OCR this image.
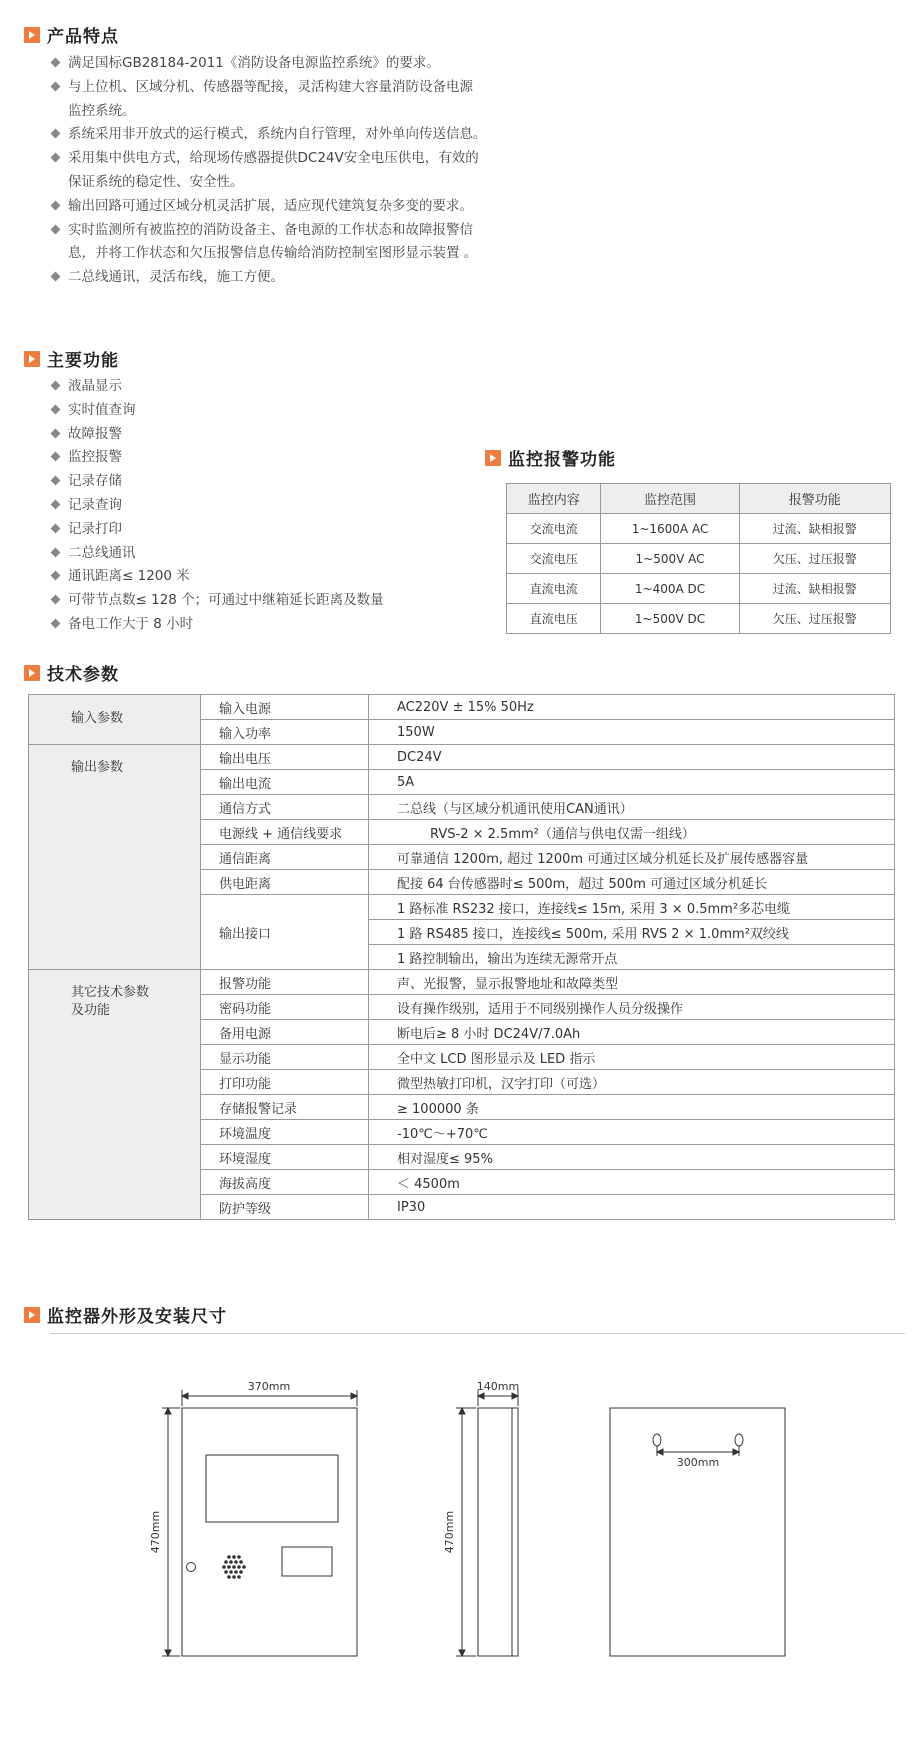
产品特点
满足国标GB28184-2011《消防设备电源监控系统》的要求。
与上位机、区域分机、传感器等配接，灵活构建大容量消防设备电源
监控系统。
系统采用非开放式的运行模式，系统内自行管理，对外单向传送信息。
采用集中供电方式，给现场传感器提供DC24V安全电压供电，有效的
保证系统的稳定性、安全性。
输出回路可通过区域分机灵活扩展，适应现代建筑复杂多变的要求。
实时监测所有被监控的消防设备主、备电源的工作状态和故障报警信
息，并将工作状态和欠压报警信息传输给消防控制室图形显示装置 。
二总线通讯，灵活布线，施工方便。
主要功能
液晶显示
实时值查询
故障报警
监控报警
记录存储
记录查询
记录打印
二总线通讯
通讯距离≤ 1200 米
可带节点数≤ 128 个；可通过中继箱延长距离及数量
备电工作大于 8 小时
监控报警功能
监控内容	监控范围	报警功能
交流电流	1~1600A AC	过流、缺相报警
交流电压	1~500V AC	欠压、过压报警
直流电流	1~400A DC	过流、缺相报警
直流电压	1~500V DC	欠压、过压报警
技术参数
输入参数	输入电源	AC220V ± 15% 50Hz
	输入功率	150W
输出参数	输出电压	DC24V
	输出电流	5A
	通信方式	二总线（与区域分机通讯使用CAN通讯）
	电源线 + 通信线要求	RVS-2 × 2.5mm²（通信与供电仅需一组线）
	通信距离	可靠通信 1200m, 超过 1200m 可通过区域分机延长及扩展传感器容量
	供电距离	配接 64 台传感器时≤ 500m，超过 500m 可通过区域分机延长
	输出接口	1 路标准 RS232 接口，连接线≤ 15m, 采用 3 × 0.5mm²多芯电缆
		1 路 RS485 接口，连接线≤ 500m, 采用 RVS 2 × 1.0mm²双绞线
		1 路控制输出，输出为连续无源常开点
其它技术参数
及功能	报警功能	声、光报警，显示报警地址和故障类型
	密码功能	设有操作级别，适用于不同级别操作人员分级操作
	备用电源	断电后≥ 8 小时 DC24V/7.0Ah
	显示功能	全中文 LCD 图形显示及 LED 指示
	打印功能	微型热敏打印机，汉字打印（可选）
	存储报警记录	≥ 100000 条
	环境温度	-10℃～+70℃
	环境湿度	相对湿度≤ 95%
	海拔高度	＜ 4500m
	防护等级	IP30
监控器外形及安装尺寸
370mm
470mm
140mm
470mm
300mm
